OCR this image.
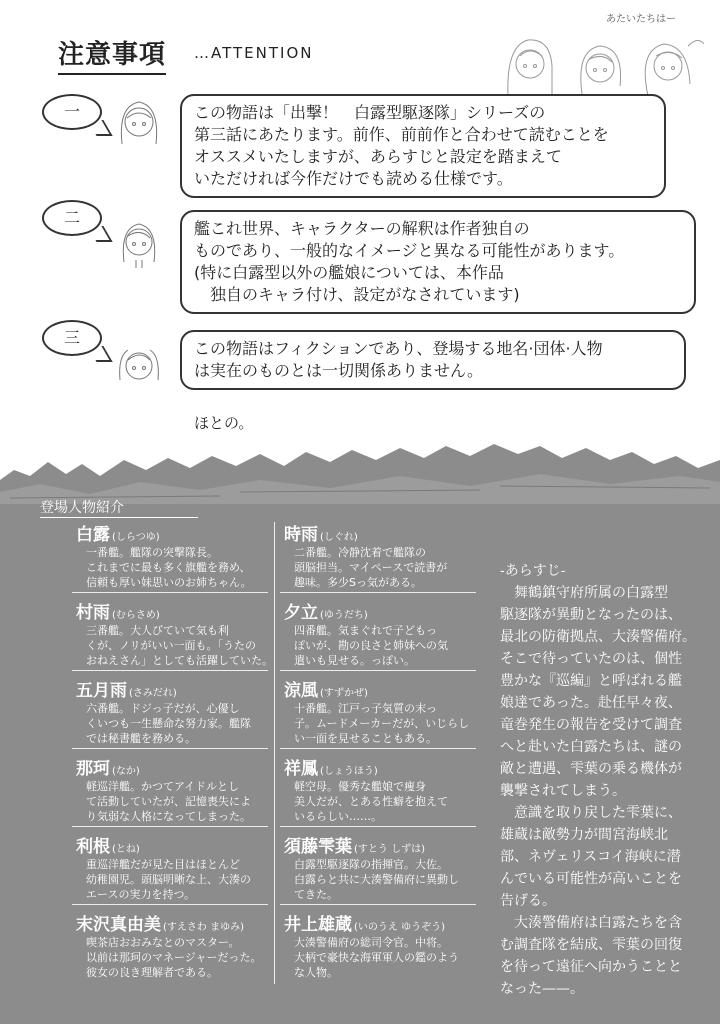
注意事項 …ATTENTION
あたいたちはー
一	この物語は「出撃！　白露型駆逐隊」シリーズの
第三話にあたります。前作、前前作と合わせて読むことを
オススメいたしますが、あらすじと設定を踏まえて
いただければ今作だけでも読める仕様です。
二
艦これ世界、キャラクターの解釈は作者独自の
ものであり、一般的なイメージと異なる可能性があります。
(特に白露型以外の艦娘については、本作品
　独自のキャラ付け、設定がなされています)
三
この物語はフィクションであり、登場する地名·団体·人物
は実在のものとは一切関係ありません。
ほとの。
登場人物紹介
白露 (しらつゆ)
一番艦。艦隊の突撃隊長。
これまでに最も多く旗艦を務め、
信頼も厚い妹思いのお姉ちゃん。
村雨 (むらさめ)
三番艦。大人びていて気も利
くが、ノリがいい一面も。「うたの
おねえさん」としても活躍していた。
五月雨 (さみだれ)
六番艦。ドジっ子だが、心優し
くいつも一生懸命な努力家。艦隊
では秘書艦を務める。
那珂 (なか)
軽巡洋艦。かつてアイドルとし
て活動していたが、記憶喪失によ
り気弱な人格になってしまった。
利根 (とね)
重巡洋艦だが見た目はほとんど
幼稚園児。頭脳明晰な上、大湊の
エースの実力を持つ。
末沢真由美 (すえさわ まゆみ)
喫茶店おおみなとのマスター。
以前は那珂のマネージャーだった。
彼女の良き理解者である。
時雨 (しぐれ)
二番艦。冷静沈着で艦隊の
頭脳担当。マイペースで読書が
趣味。多少Sっ気がある。
夕立 (ゆうだち)
四番艦。気まぐれで子どもっ
ぽいが、勘の良さと姉妹への気
遣いも見せる。っぽい。
涼風 (すずかぜ)
十番艦。江戸っ子気質の末っ
子。ムードメーカーだが、いじらし
い一面を見せることもある。
祥鳳 (しょうほう)
軽空母。優秀な艦娘で痩身
美人だが、とある性癖を抱えて
いるらしい……。
須藤雫葉 (すとう しずは)
白露型駆逐隊の指揮官。大佐。
白露らと共に大湊警備府に異動し
てきた。
井上雄蔵 (いのうえ ゆうぞう)
大湊警備府の総司令官。中将。
大柄で豪快な海軍軍人の鑑のよう
な人物。
-あらすじ-
　舞鶴鎮守府所属の白露型
駆逐隊が異動となったのは、
最北の防衛拠点、大湊警備府。
そこで待っていたのは、個性
豊かな『巡編』と呼ばれる艦
娘達であった。赴任早々夜、
竜巻発生の報告を受けて調査
へと赴いた白露たちは、謎の
敵と遭遇、雫葉の乗る機体が
襲撃されてしまう。
　意識を取り戻した雫葉に、
雄蔵は敵勢力が間宮海峡北
部、ネヴェリスコイ海峡に潜
んでいる可能性が高いことを
告げる。
　大湊警備府は白露たちを含
む調査隊を結成、雫葉の回復
を待って遠征へ向かうことと
なった——。
